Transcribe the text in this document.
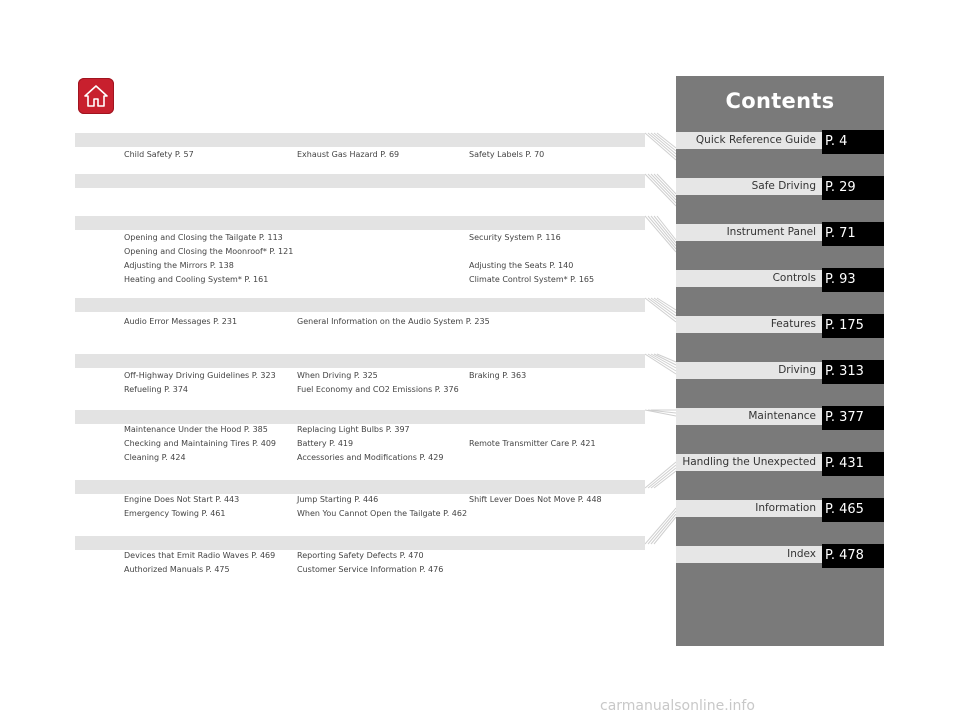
Child Safety P. 57	Exhaust Gas Hazard P. 69	Safety Labels P. 70
Opening and Closing the Tailgate P. 113	Security System P. 116
Opening and Closing the Moonroof* P. 121
Adjusting the Mirrors P. 138	Adjusting the Seats P. 140
Heating and Cooling System* P. 161	Climate Control System* P. 165
Audio Error Messages P. 231	General Information on the Audio System P. 235
Off-Highway Driving Guidelines P. 323	When Driving P. 325	Braking P. 363
Refueling P. 374	Fuel Economy and CO2 Emissions P. 376
Maintenance Under the Hood P. 385	Replacing Light Bulbs P. 397
Checking and Maintaining Tires P. 409	Battery P. 419	Remote Transmitter Care P. 421
Cleaning P. 424	Accessories and Modifications P. 429
Engine Does Not Start P. 443	Jump Starting P. 446	Shift Lever Does Not Move P. 448
Emergency Towing P. 461	When You Cannot Open the Tailgate P. 462
Devices that Emit Radio Waves P. 469	Reporting Safety Defects P. 470
Authorized Manuals P. 475	Customer Service Information P. 476
Contents
Quick Reference Guide P. 4
Safe Driving P. 29
Instrument Panel P. 71
Controls P. 93
Features P. 175
Driving P. 313
Maintenance P. 377
Handling the Unexpected P. 431
Information P. 465
Index P. 478
carmanualsonline.info
